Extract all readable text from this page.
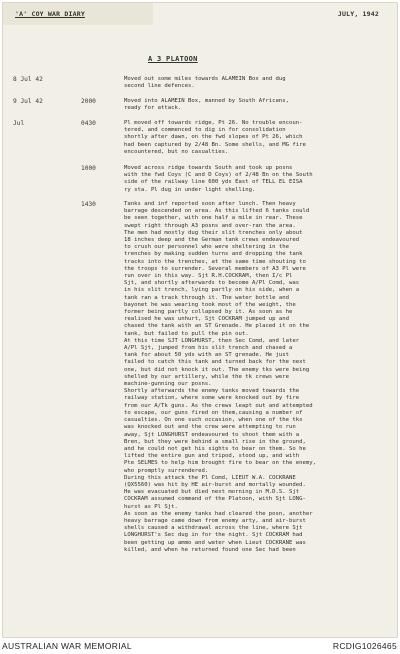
'A' COY WAR DIARY	JULY, 1942
A 3 PLATOON
8 Jul 42	Moved out some miles towards ALAMEIN Box and dug
second line defences.
9 Jul 42	2000	Moved into ALAMEIN Box, manned by South Africans,
ready for attack.
Jul	0430	Pl moved off towards ridge, Pt 26. No trouble encoun-
tered, and commenced to dig in for consolidation
shortly after dawn, on the fwd slopes of Pt 26, which
had been captured by 2/48 Bn. Some shells, and MG fire
encountered, but no casualties.
1000	Moved across ridge towards South and took up posns
with the fwd Coys (C and D Coys) of 2/48 Bn on the South
side of the railway line 600 yds East of TELL EL EISA
ry sta. Pl dug in under light shelling.
1430	Tanks and inf reported soon after lunch. Then heavy
barrage descended on area. As this lifted 6 tanks could
be seen together, with one half a mile in rear. These
swept right through A3 posns and over-ran the area.
The men had mostly dug their slit trenches only about
18 inches deep and the German tank crews endeavoured
to crush our personnel who were sheltering in the
trenches by making sudden turns and dropping the tank
tracks into the trenches, at the same time shouting to
the troops to surrender. Several members of A3 Pl were
run over in this way. Sjt R.H.COCKRAM, then I/c Pl
Sjt, and shortly afterwards to become A/Pl Comd, was
in his slit trench, lying partly on his side, when a
tank ran a track through it. The water bottle and
bayonet he was wearing took most of the weight, the
former being partly collapsed by it. As soon as he
realised he was unhurt, Sjt COCKRAM jumped up and
chased the tank with an ST Grenade. He placed it on the
tank, but failed to pull the pin out.
At this time SJT LONGHURST, then Sec Comd, and later
A/Pl Sjt, jumped from his slit trench and chased a
tank for about 50 yds with an ST grenade. He just
failed to catch this tank and turned back for the next
one, but did not knock it out. The enemy tks were being
shelled by our artillery, while the tk crews were
machine-gunning our posns.
Shortly afterwards the enemy tanks moved towards the
railway station, where some were knocked out by fire
from our A/Tk guns. As the crews leapt out and attempted
to escape, our guns fired on them,causing a number of
casualties. On one such occasion, when one of the tks
was knocked out and the crew were attempting to run
away, Sjt LONGHURST endeavoured to shoot them with a
Bren, but they were behind a small rise in the ground,
and he could not get his sights to bear on them. So he
lifted the entire gun and tripod, stood up, and with
Pte SELMES to help him brought fire to bear on the enemy,
who promptly surrendered.
During this attack the Pl Comd, LIEUT W.A. COCKRANE
(QX5560) was hit by HE air-burst and mortally wounded.
He was evacuated but died next morning in M.D.S. Sjt
COCKRAM assumed command of the Platoon, with Sjt LONG-
hurst as Pl Sjt.
As soon as the enemy tanks had cleared the posn, another
heavy barrage came down from enemy arty, and air-burst
shells caused a withdrawal across the line, where Sjt
LONGHURST's Sec dug in for the night. Sjt COCKRAM had
been getting up ammo and water when Lieut COCKRANE was
killed, and when he returned found one Sec had been
AUSTRALIAN WAR MEMORIAL	RCDIG1026465
